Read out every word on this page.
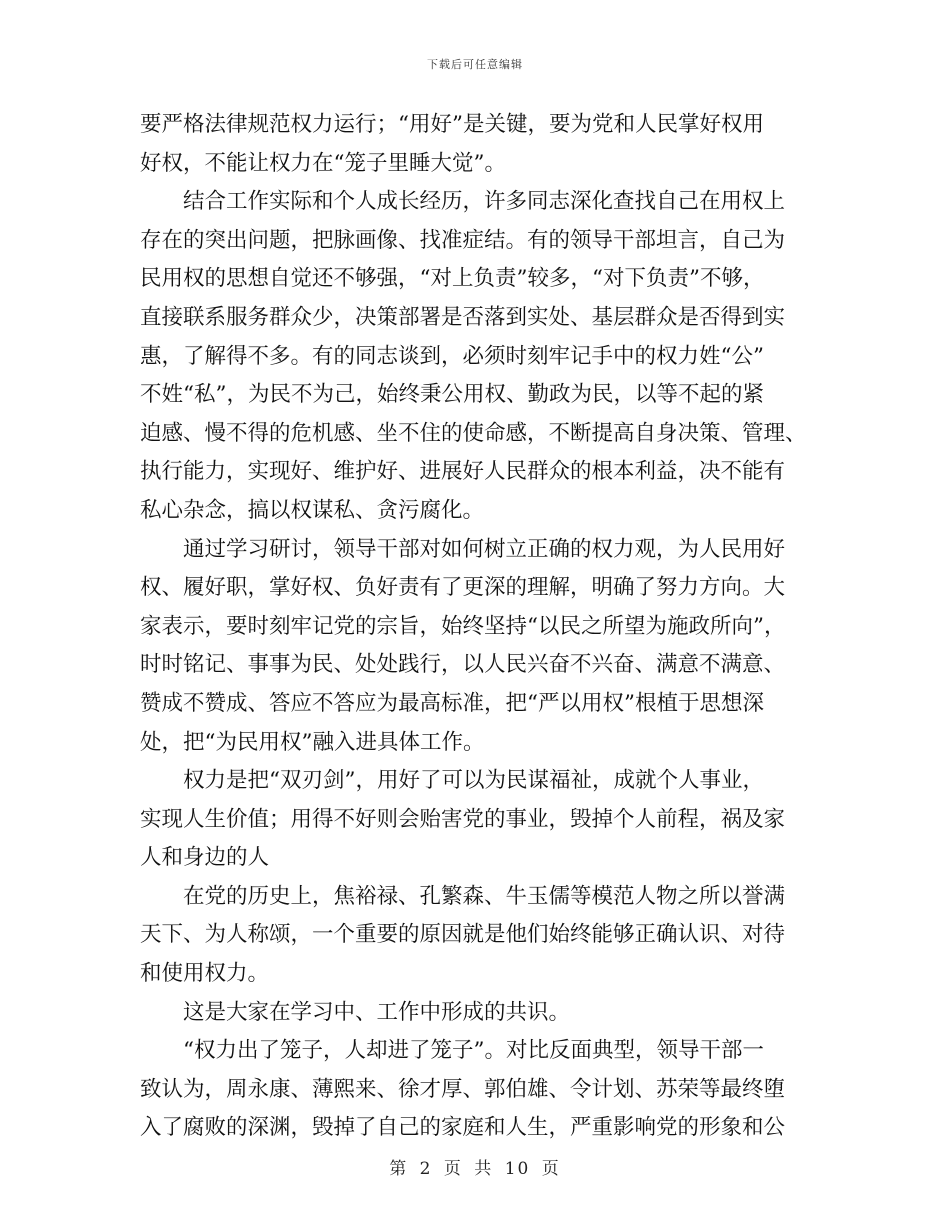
下载后可任意编辑

要严格法律规范权力运行；“用好”是关键，要为党和人民掌好权用
好权，不能让权力在“笼子里睡大觉”。

结合工作实际和个人成长经历，许多同志深化查找自己在用权上
存在的突出问题，把脉画像、找准症结。有的领导干部坦言，自己为
民用权的思想自觉还不够强，“对上负责”较多，“对下负责”不够，
直接联系服务群众少，决策部署是否落到实处、基层群众是否得到实
惠，了解得不多。有的同志谈到，必须时刻牢记手中的权力姓“公”
不姓“私”，为民不为己，始终秉公用权、勤政为民，以等不起的紧
迫感、慢不得的危机感、坐不住的使命感，不断提高自身决策、管理、
执行能力，实现好、维护好、进展好人民群众的根本利益，决不能有
私心杂念，搞以权谋私、贪污腐化。

通过学习研讨，领导干部对如何树立正确的权力观，为人民用好
权、履好职，掌好权、负好责有了更深的理解，明确了努力方向。大
家表示，要时刻牢记党的宗旨，始终坚持“以民之所望为施政所向”，
时时铭记、事事为民、处处践行，以人民兴奋不兴奋、满意不满意、
赞成不赞成、答应不答应为最高标准，把“严以用权”根植于思想深
处，把“为民用权”融入进具体工作。

权力是把“双刃剑”，用好了可以为民谋福祉，成就个人事业，
实现人生价值；用得不好则会贻害党的事业，毁掉个人前程，祸及家
人和身边的人

在党的历史上，焦裕禄、孔繁森、牛玉儒等模范人物之所以誉满
天下、为人称颂，一个重要的原因就是他们始终能够正确认识、对待
和使用权力。

这是大家在学习中、工作中形成的共识。

“权力出了笼子，人却进了笼子”。对比反面典型，领导干部一
致认为，周永康、薄熙来、徐才厚、郭伯雄、令计划、苏荣等最终堕
入了腐败的深渊，毁掉了自己的家庭和人生，严重影响党的形象和公

第 2 页 共 10 页
